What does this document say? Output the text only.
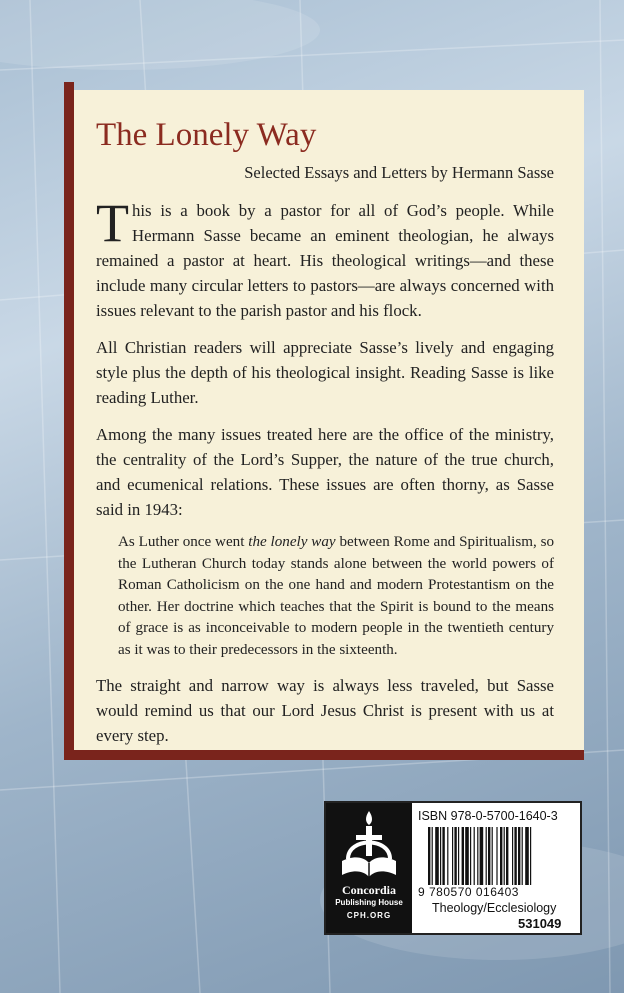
The Lonely Way

Selected Essays and Letters by Hermann Sasse

This is a book by a pastor for all of God’s people. While Hermann Sasse became an eminent theologian, he always remained a pastor at heart. His theological writings—and these include many circular letters to pastors—are always concerned with issues relevant to the parish pastor and his flock.

All Christian readers will appreciate Sasse’s lively and engaging style plus the depth of his theological insight. Reading Sasse is like reading Luther.

Among the many issues treated here are the office of the ministry, the centrality of the Lord’s Supper, the nature of the true church, and ecumenical relations. These issues are often thorny, as Sasse said in 1943:

As Luther once went the lonely way between Rome and Spiritualism, so the Lutheran Church today stands alone between the world powers of Roman Catholicism on the one hand and modern Protestantism on the other. Her doctrine which teaches that the Spirit is bound to the means of grace is as inconceivable to modern people in the twentieth century as it was to their predecessors in the sixteenth.

The straight and narrow way is always less traveled, but Sasse would remind us that our Lord Jesus Christ is present with us at every step.

Concordia
Publishing House
CPH.ORG
ISBN 978-0-5700-1640-3
9 780570 016403
Theology/Ecclesiology
531049
